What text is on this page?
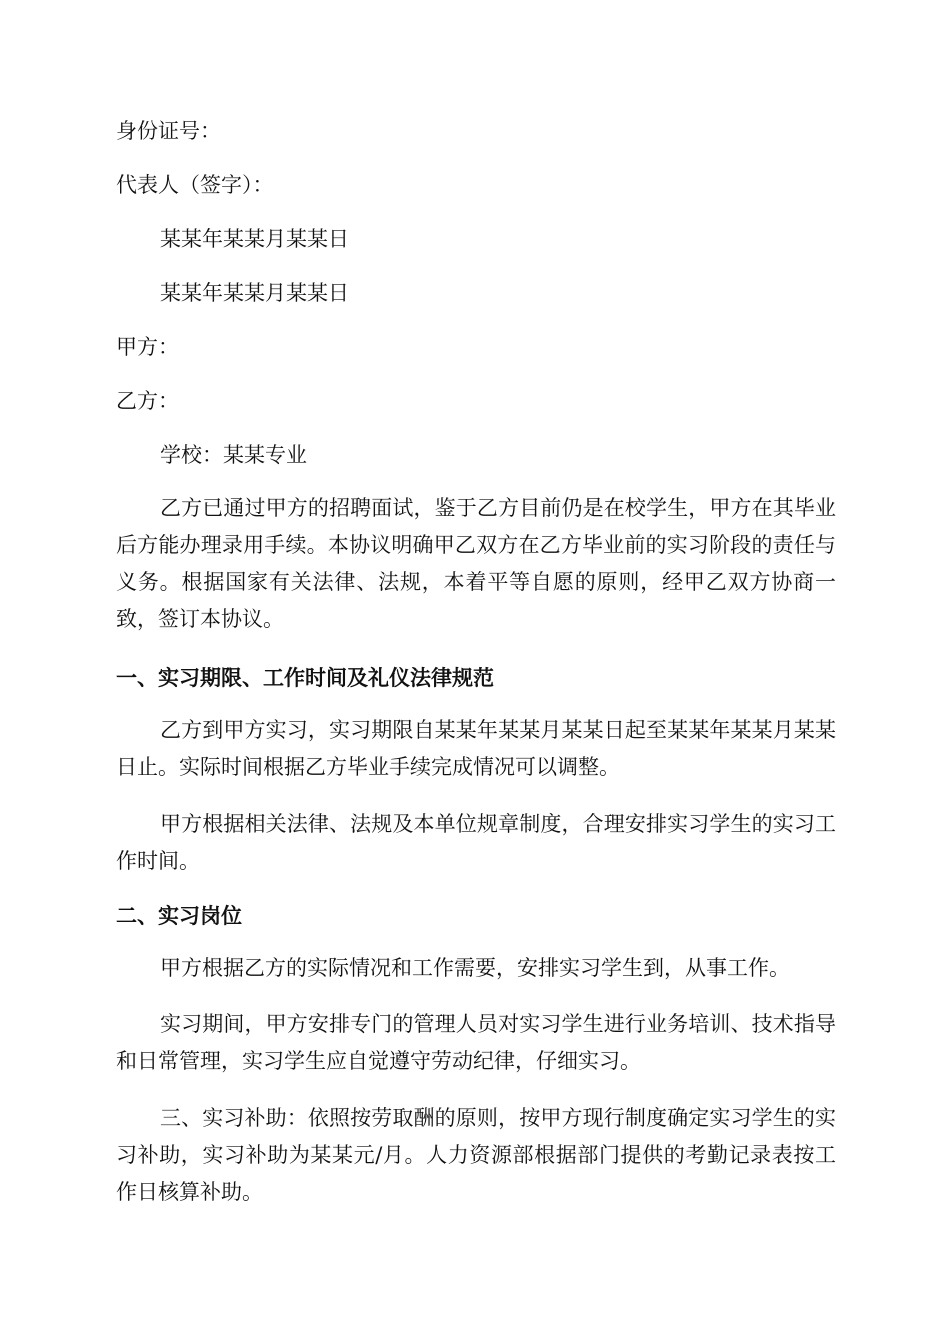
身份证号：
代表人（签字）：
某某年某某月某某日
某某年某某月某某日
甲方：
乙方：
学校：某某专业

乙方已通过甲方的招聘面试，鉴于乙方目前仍是在校学生，甲方在其毕业后方能办理录用手续。本协议明确甲乙双方在乙方毕业前的实习阶段的责任与义务。根据国家有关法律、法规，本着平等自愿的原则，经甲乙双方协商一致，签订本协议。

一、实习期限、工作时间及礼仪法律规范

乙方到甲方实习，实习期限自某某年某某月某某日起至某某年某某月某某日止。实际时间根据乙方毕业手续完成情况可以调整。

甲方根据相关法律、法规及本单位规章制度，合理安排实习学生的实习工作时间。

二、实习岗位

甲方根据乙方的实际情况和工作需要，安排实习学生到，从事工作。

实习期间，甲方安排专门的管理人员对实习学生进行业务培训、技术指导和日常管理，实习学生应自觉遵守劳动纪律，仔细实习。

三、实习补助：依照按劳取酬的原则，按甲方现行制度确定实习学生的实习补助，实习补助为某某元/月。人力资源部根据部门提供的考勤记录表按工作日核算补助。
